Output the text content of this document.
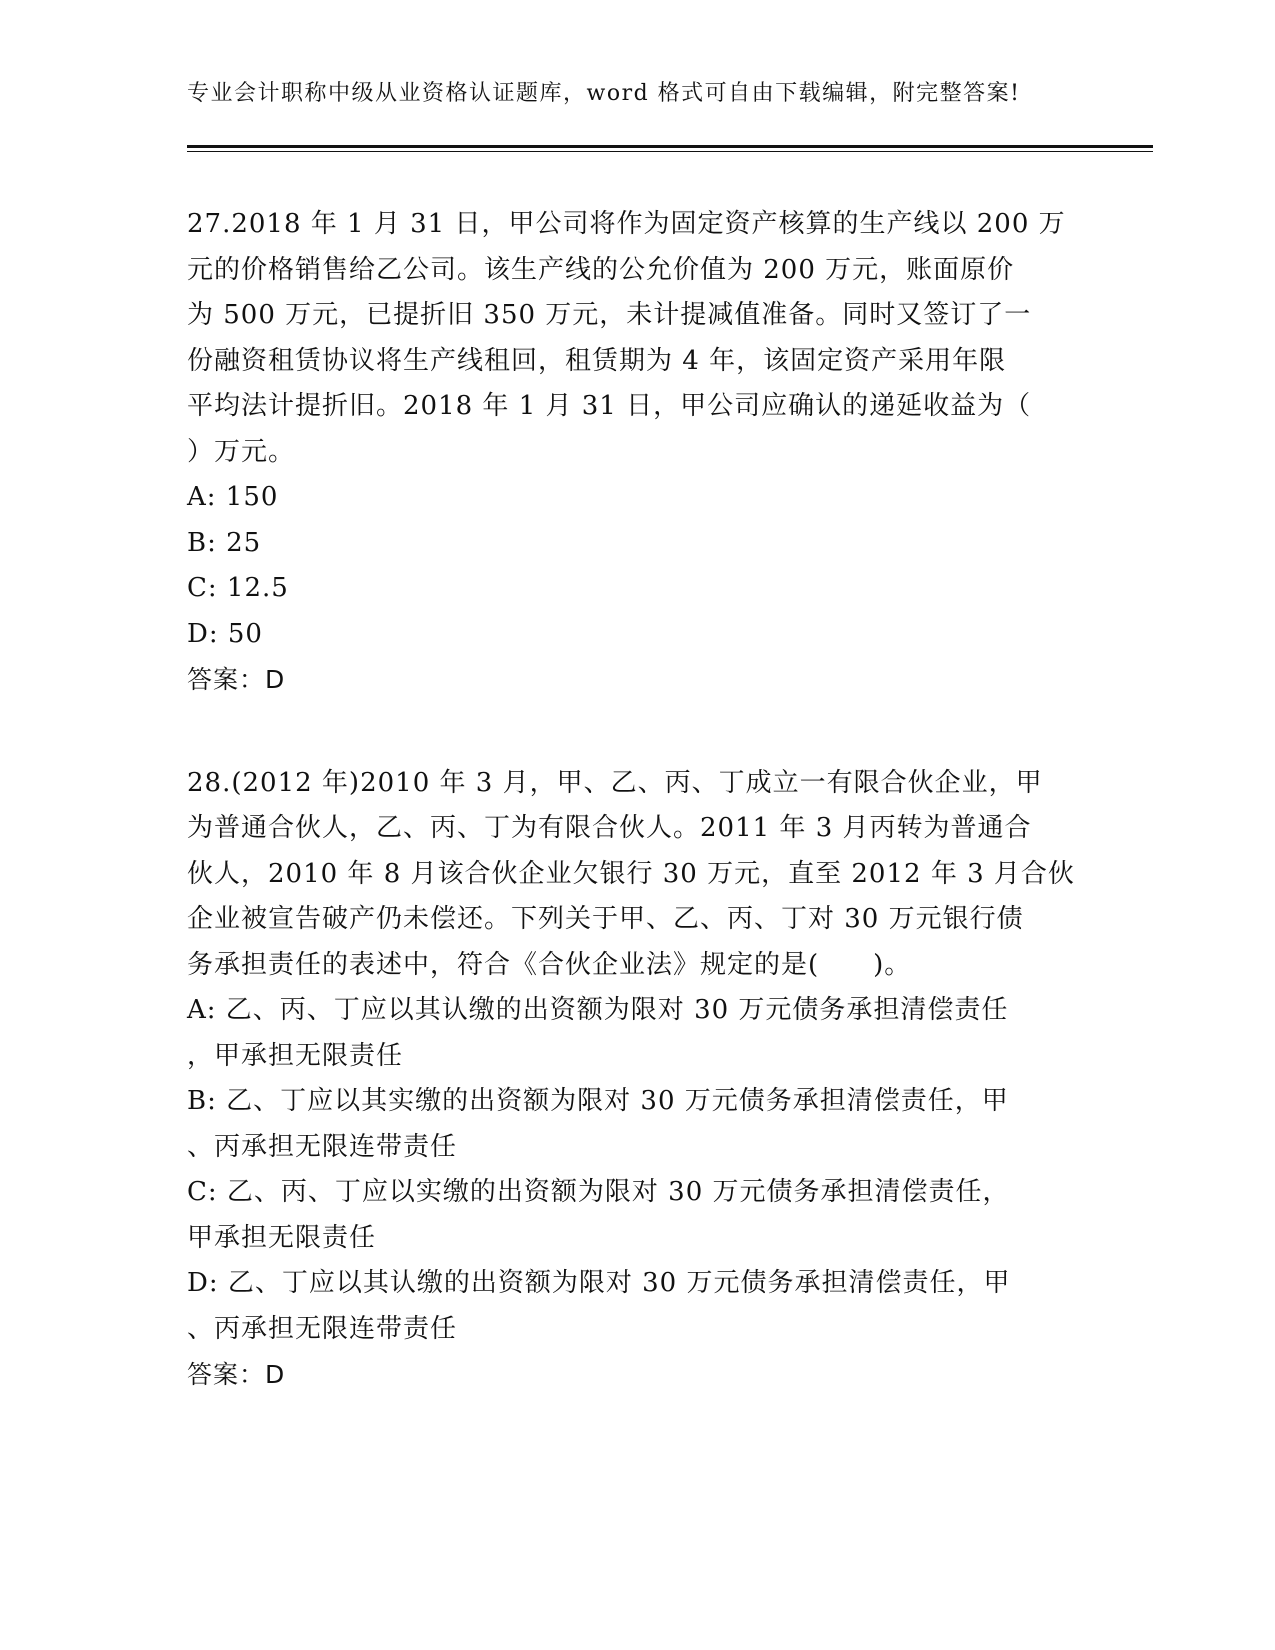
专业会计职称中级从业资格认证题库，word 格式可自由下载编辑，附完整答案!
27.2018 年 1 月 31 日，甲公司将作为固定资产核算的生产线以 200 万
元的价格销售给乙公司。该生产线的公允价值为 200 万元，账面原价
为 500 万元，已提折旧 350 万元，未计提减值准备。同时又签订了一
份融资租赁协议将生产线租回，租赁期为 4 年，该固定资产采用年限
平均法计提折旧。2018 年 1 月 31 日，甲公司应确认的递延收益为（
）万元。
A: 150
B: 25
C: 12.5
D: 50
答案：D
28.(2012 年)2010 年 3 月，甲、乙、丙、丁成立一有限合伙企业，甲
为普通合伙人，乙、丙、丁为有限合伙人。2011 年 3 月丙转为普通合
伙人，2010 年 8 月该合伙企业欠银行 30 万元，直至 2012 年 3 月合伙
企业被宣告破产仍未偿还。下列关于甲、乙、丙、丁对 30 万元银行债
务承担责任的表述中，符合《合伙企业法》规定的是(　　)。
A: 乙、丙、丁应以其认缴的出资额为限对 30 万元债务承担清偿责任
，甲承担无限责任
B: 乙、丁应以其实缴的出资额为限对 30 万元债务承担清偿责任，甲
、丙承担无限连带责任
C: 乙、丙、丁应以实缴的出资额为限对 30 万元债务承担清偿责任，
甲承担无限责任
D: 乙、丁应以其认缴的出资额为限对 30 万元债务承担清偿责任，甲
、丙承担无限连带责任
答案：D
